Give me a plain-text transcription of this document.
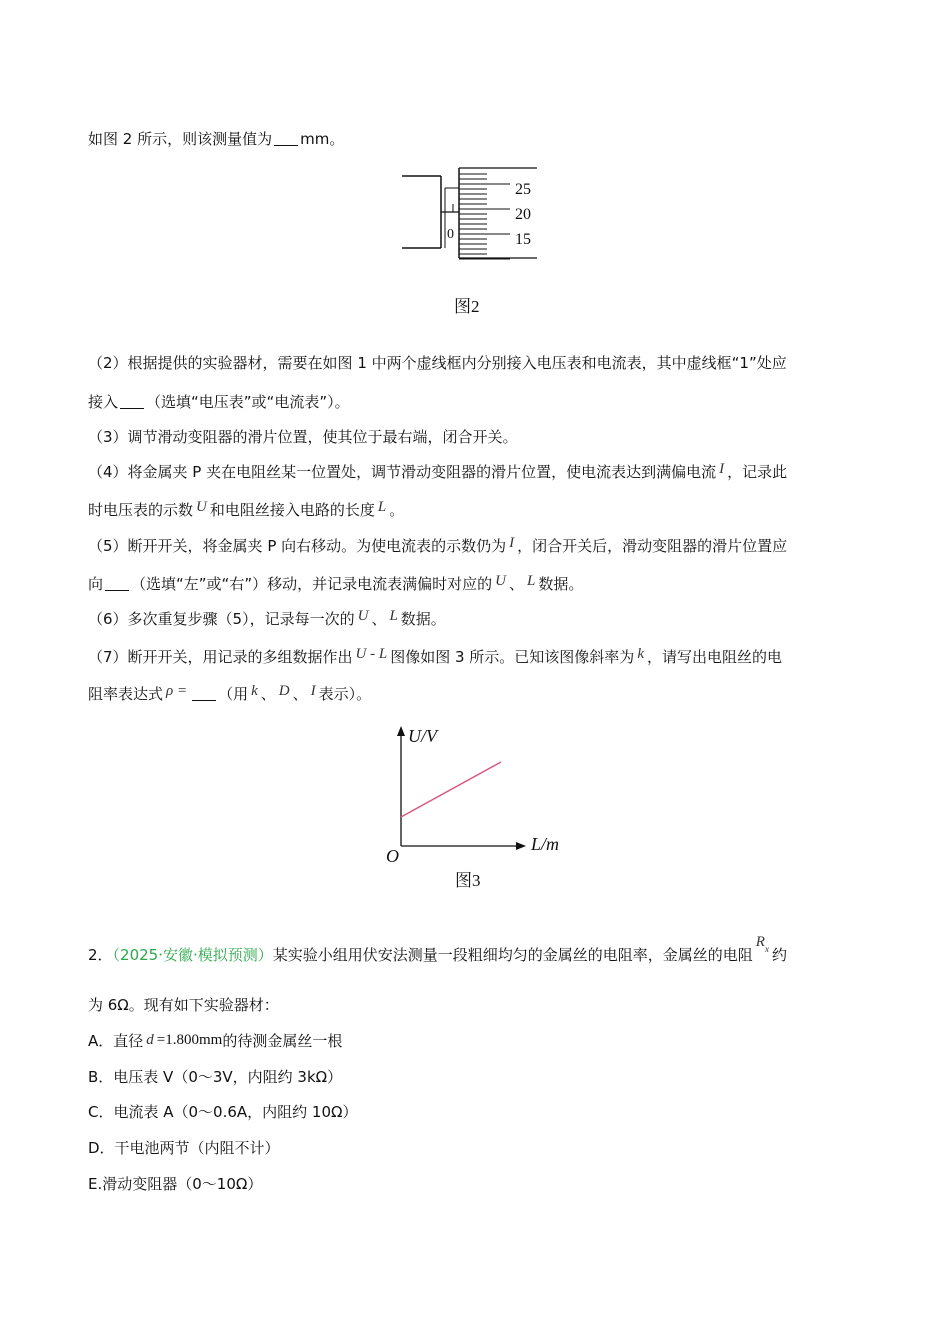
如图 2 所示，则该测量值为 mm。
0
25
20
15
图2
（2）根据提供的实验器材，需要在如图 1 中两个虚线框内分别接入电压表和电流表，其中虚线框“1”处应
接入 （选填“电压表”或“电流表”）。
（3）调节滑动变阻器的滑片位置，使其位于最右端，闭合开关。
（4）将金属夹 P 夹在电阻丝某一位置处，调节滑动变阻器的滑片位置，使电流表达到满偏电流 I ，记录此
时电压表的示数 U 和电阻丝接入电路的长度 L 。
（5）断开开关，将金属夹 P 向右移动。为使电流表的示数仍为 I ，闭合开关后，滑动变阻器的滑片位置应
向 （选填“左”或“右”）移动，并记录电流表满偏时对应的 U 、 L 数据。
（6）多次重复步骤（5），记录每一次的 U 、 L 数据。
（7）断开开关，用记录的多组数据作出 U - L 图像如图 3 所示。已知该图像斜率为 k ，请写出电阻丝的电
阻率表达式 ρ = （用 k 、 D 、 I 表示）。
U/V
L/m
O
图3
2．（2025·安徽·模拟预测）某实验小组用伏安法测量一段粗细均匀的金属丝的电阻率，金属丝的电阻$R_x$ 约
为 6Ω。现有如下实验器材：
A．直径 d =1.800mm的待测金属丝一根
B．电压表 V（0～3V，内阻约 3kΩ）
C．电流表 A（0～0.6A，内阻约 10Ω）
D．干电池两节（内阻不计）
E.滑动变阻器（0～10Ω）
